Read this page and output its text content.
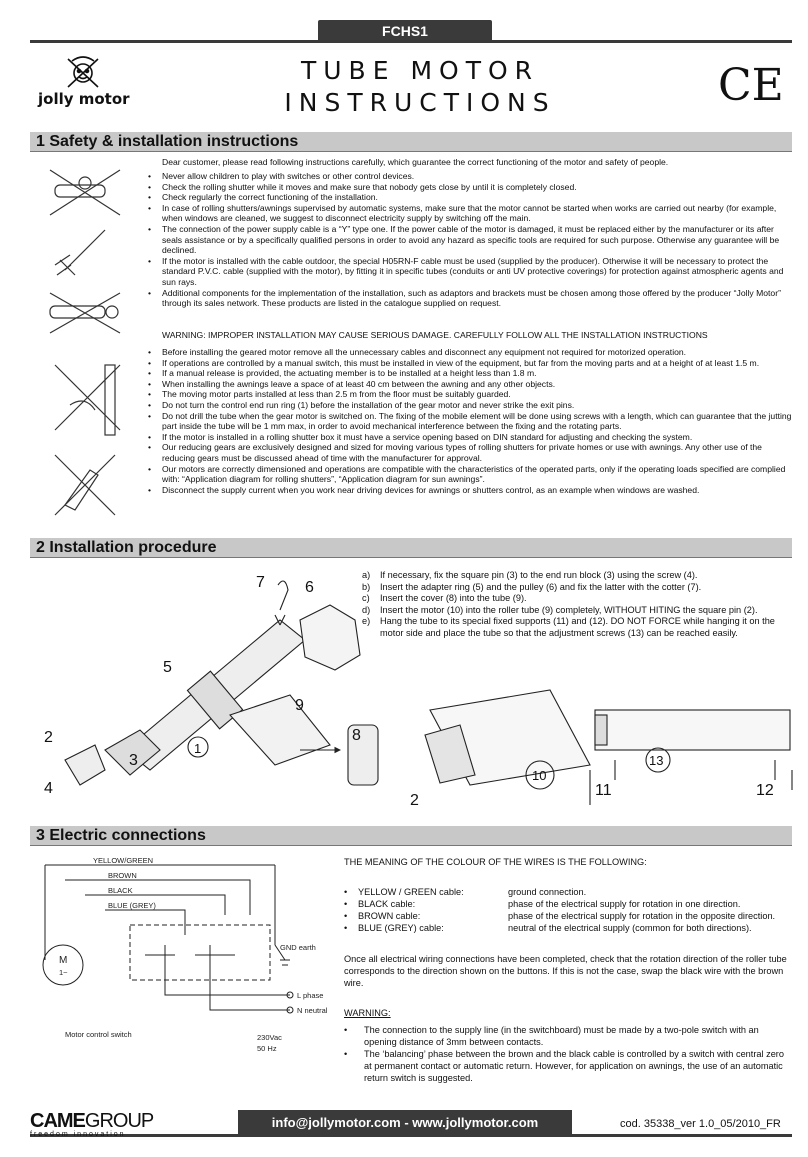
FCHS1
jolly motor
TUBE MOTOR
INSTRUCTIONS	CE
1 Safety & installation instructions
Dear customer, please read following instructions carefully, which guarantee the correct functioning of the motor and safety of people.
• Never allow children to play with switches or other control devices.
• Check the rolling shutter while it moves and make sure that nobody gets close by until it is completely closed.
• Check regularly the correct functioning of the installation.
• In case of rolling shutters/awnings supervised by automatic systems, make sure that the motor cannot be started when works are carried out nearby (for example, when windows are cleaned, we suggest to disconnect electricity supply by switching off the main.
• The connection of the power supply cable is a “Y” type one. If the power cable of the motor is damaged, it must be replaced either by the manufacturer or its after seals assistance or by a specifically qualified persons in order to avoid any hazard as specific tools are required for such purpose. Otherwise any guarantee will be declined.
• If the motor is installed with the cable outdoor, the special H05RN-F cable must be used (supplied by the producer). Otherwise it will be necessary to protect the standard P.V.C. cable (supplied with the motor), by fitting it in specific tubes (conduits or anti UV protective coverings) for protection against atmospheric agents and sun rays.
• Additional components for the implementation of the installation, such as adaptors and brackets must be chosen among those offered by the producer “Jolly Motor” through its sales network. These products are listed in the catalogue supplied on request.
WARNING: IMPROPER INSTALLATION MAY CAUSE SERIOUS DAMAGE. CAREFULLY FOLLOW ALL THE INSTALLATION INSTRUCTIONS
• Before installing the geared motor remove all the unnecessary cables and disconnect any equipment not required for motorized operation.
• If operations are controlled by a manual switch, this must be installed in view of the equipment, but far from the moving parts and at a height of at least 1.5 m.
• If a manual release is provided, the actuating member is to be installed at a height less than 1.8 m.
• When installing the awnings leave a space of at least 40 cm between the awning and any other objects.
• The moving motor parts installed at less than 2.5 m from the floor must be suitably guarded.
• Do not turn the control end run ring (1) before the installation of the gear motor and never strike the exit pins.
• Do not drill the tube when the gear motor is switched on. The fixing of the mobile element will be done using screws with a length, which can guarantee that the jutting part inside the tube will be 1 mm max, in order to avoid mechanical interference between the fixing and the rotating parts.
• If the motor is installed in a rolling shutter box it must have a service opening based on DIN standard for adjusting and checking the system.
• Our reducing gears are exclusively designed and sized for moving various types of rolling shutters for private homes or use with awnings. Any other use of the reducing gears must be discussed ahead of time with the manufacturer for approval.
• Our motors are correctly dimensioned and operations are compatible with the characteristics of the operated parts, only if the operating loads specified are complied with: “Application diagram for rolling shutters”, “Application diagram for sun awnings”.
• Disconnect the supply current when you work near driving devices for awnings or shutters control, as an example when windows are washed.
2 Installation procedure
a) If necessary, fix the square pin (3) to the end run block (3) using the screw (4).
b) Insert the adapter ring (5) and the pulley (6) and fix the latter with the cotter (7).
c) Insert the cover (8) into the tube (9).
d) Insert the motor (10) into the roller tube (9) completely, WITHOUT HITING the square pin (2).
e) Hang the tube to its special fixed supports (11) and (12). DO NOT FORCE while hanging it on the motor side and place the tube so that the adjustment screws (13) can be reached easily.
7	6
5
2
3
4
1
9
8
2
10
11	12
13
3 Electric connections
YELLOW/GREEN
BROWN
BLACK
BLUE (GREY)
GND earth
L phase
N neutral
230Vac
50 Hz
M
1~
Motor control switch
THE MEANING OF THE COLOUR OF THE WIRES IS THE FOLLOWING:
• YELLOW / GREEN cable:	ground connection.
• BLACK cable:	phase of the electrical supply for rotation in one direction.
• BROWN cable:	phase of the electrical supply for rotation in the opposite direction.
• BLUE (GREY) cable:	neutral of the electrical supply (common for both directions).
Once all electrical wiring connections have been completed, check that the rotation direction of the roller tube corresponds to the direction shown on the buttons. If this is not the case, swap the black wire with the brown wire.
WARNING:
• The connection to the supply line (in the switchboard) must be made by a two-pole switch with an opening distance of 3mm between contacts.
• The ‘balancing’ phase between the brown and the black cable is controlled by a switch with central zero at permanent contact or automatic return. However, for application on awnings, the use of an automatic return switch is suggested.
CAMEGROUP
freedom innovation
info@jollymotor.com - www.jollymotor.com	cod. 35338_ver 1.0_05/2010_FR
